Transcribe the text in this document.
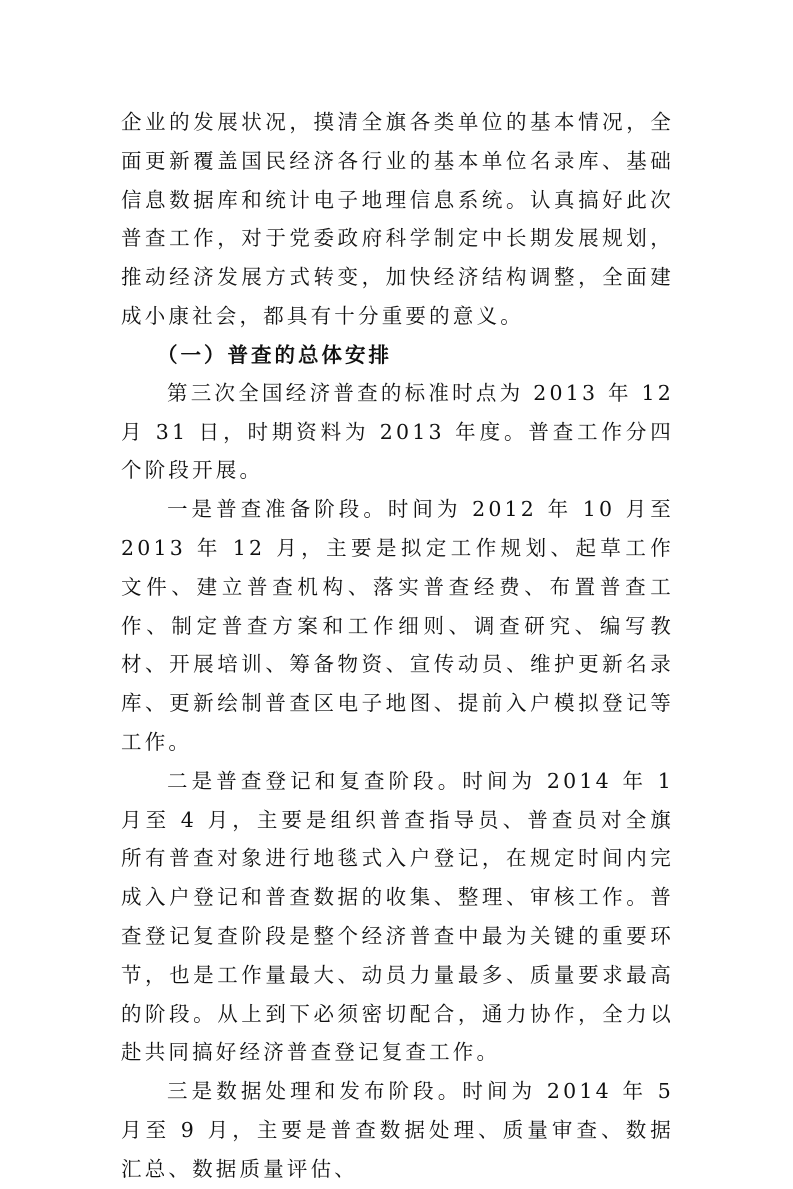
企业的发展状况，摸清全旗各类单位的基本情况，全面更新覆盖国民经济各行业的基本单位名录库、基础信息数据库和统计电子地理信息系统。认真搞好此次普查工作，对于党委政府科学制定中长期发展规划，推动经济发展方式转变，加快经济结构调整，全面建成小康社会，都具有十分重要的意义。

（一）普查的总体安排

第三次全国经济普查的标准时点为 2013 年 12 月 31 日，时期资料为 2013 年度。普查工作分四个阶段开展。

一是普查准备阶段。时间为 2012 年 10 月至 2013 年 12 月，主要是拟定工作规划、起草工作文件、建立普查机构、落实普查经费、布置普查工作、制定普查方案和工作细则、调查研究、编写教材、开展培训、筹备物资、宣传动员、维护更新名录库、更新绘制普查区电子地图、提前入户模拟登记等工作。

二是普查登记和复查阶段。时间为 2014 年 1 月至 4 月，主要是组织普查指导员、普查员对全旗所有普查对象进行地毯式入户登记，在规定时间内完成入户登记和普查数据的收集、整理、审核工作。普查登记复查阶段是整个经济普查中最为关键的重要环节，也是工作量最大、动员力量最多、质量要求最高的阶段。从上到下必须密切配合，通力协作，全力以赴共同搞好经济普查登记复查工作。

三是数据处理和发布阶段。时间为 2014 年 5 月至 9 月，主要是普查数据处理、质量审查、数据汇总、数据质量评估、
